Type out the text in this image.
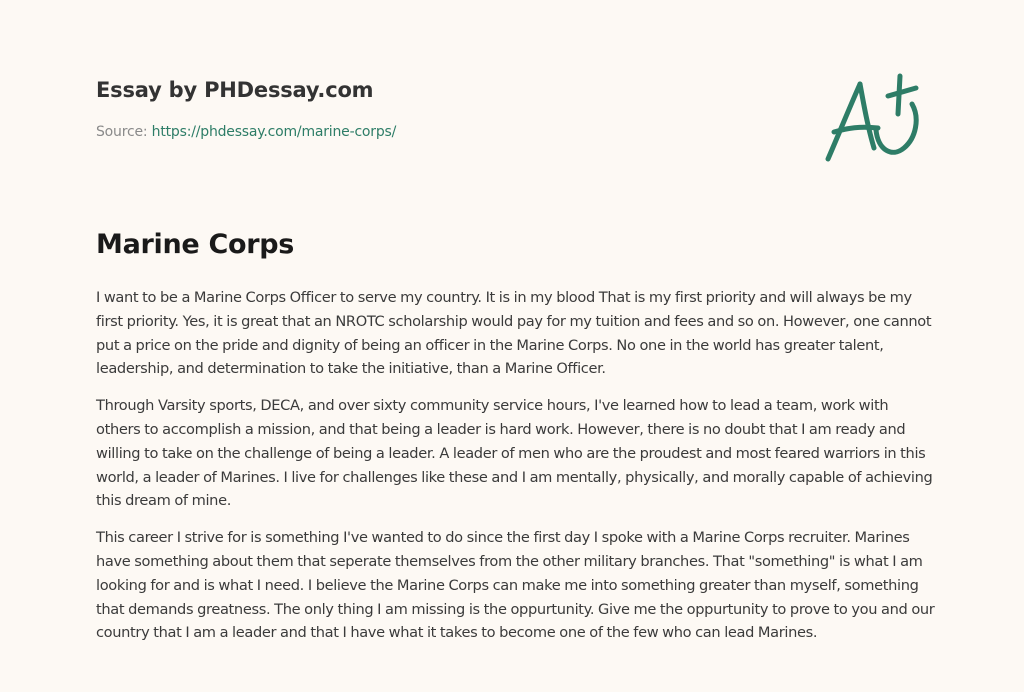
Essay by PHDessay.com
Source: https://phdessay.com/marine-corps/
Marine Corps

I want to be a Marine Corps Officer to serve my country. It is in my blood That is my first priority and will always be my first priority. Yes, it is great that an NROTC scholarship would pay for my tuition and fees and so on. However, one cannot put a price on the pride and dignity of being an officer in the Marine Corps. No one in the world has greater talent, leadership, and determination to take the initiative, than a Marine Officer.

Through Varsity sports, DECA, and over sixty community service hours, I've learned how to lead a team, work with others to accomplish a mission, and that being a leader is hard work. However, there is no doubt that I am ready and willing to take on the challenge of being a leader. A leader of men who are the proudest and most feared warriors in this world, a leader of Marines. I live for challenges like these and I am mentally, physically, and morally capable of achieving this dream of mine.

This career I strive for is something I've wanted to do since the first day I spoke with a Marine Corps recruiter. Marines have something about them that seperate themselves from the other military branches. That "something" is what I am looking for and is what I need. I believe the Marine Corps can make me into something greater than myself, something that demands greatness. The only thing I am missing is the oppurtunity. Give me the oppurtunity to prove to you and our country that I am a leader and that I have what it takes to become one of the few who can lead Marines.
